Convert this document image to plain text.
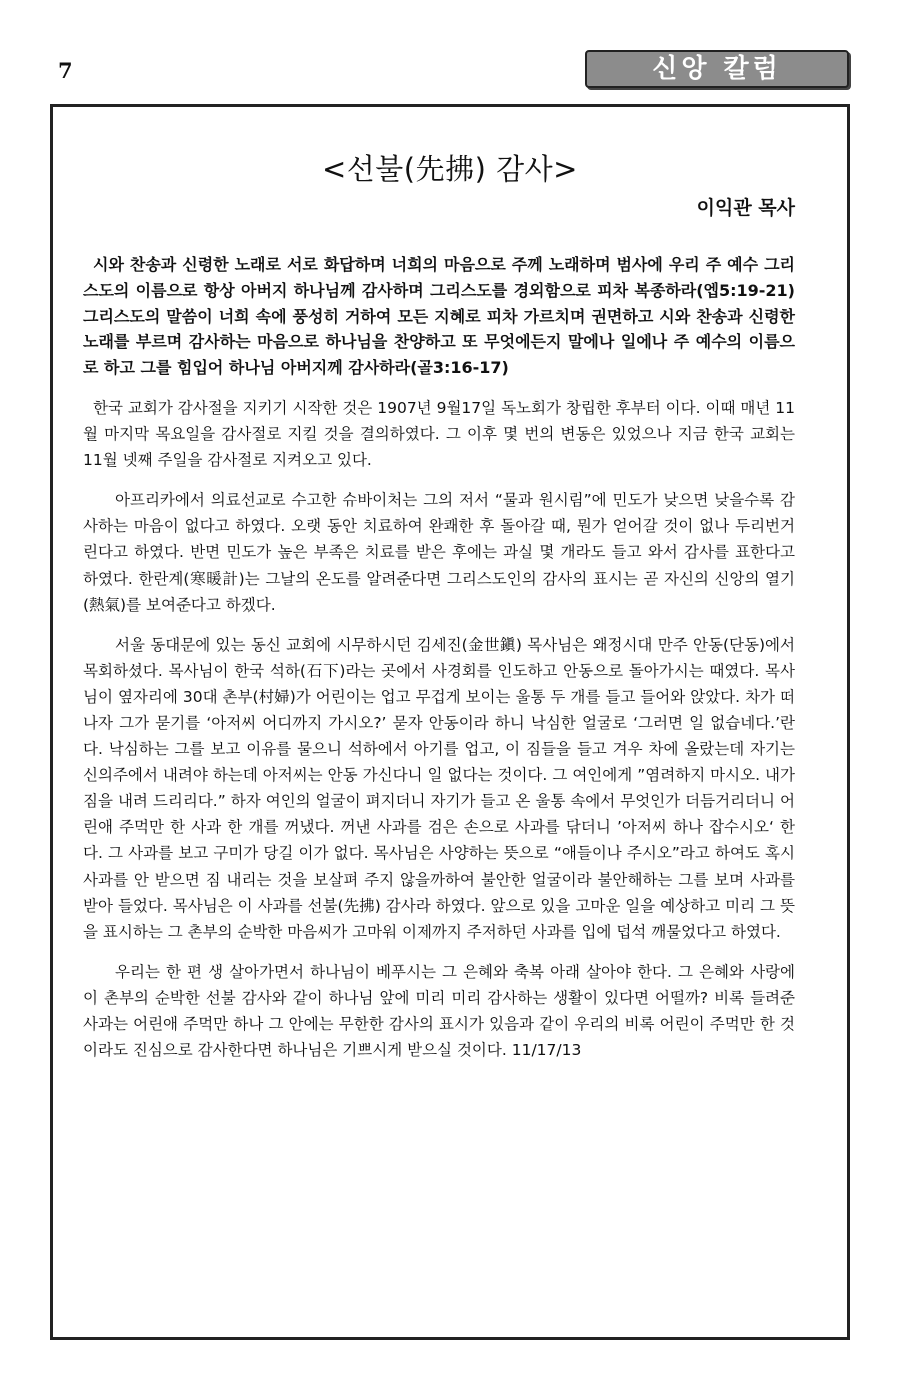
7	신앙 칼럼
<선불(先拂) 감사>
이익관 목사

시와 찬송과 신령한 노래로 서로 화답하며 너희의 마음으로 주께 노래하며 범사에 우리 주 예수 그리스도의 이름으로 항상 아버지 하나님께 감사하며 그리스도를 경외함으로 피차 복종하라(엡5:19-21)그리스도의 말씀이 너희 속에 풍성히 거하여 모든 지혜로 피차 가르치며 권면하고 시와 찬송과 신령한 노래를 부르며 감사하는 마음으로 하나님을 찬양하고 또 무엇에든지 말에나 일에나 주 예수의 이름으로 하고 그를 힘입어 하나님 아버지께 감사하라(골3:16-17)

한국 교회가 감사절을 지키기 시작한 것은 1907년 9월17일 독노회가 창립한 후부터 이다. 이때 매년 11월 마지막 목요일을 감사절로 지킬 것을 결의하였다. 그 이후 몇 번의 변동은 있었으나 지금 한국 교회는 11월 넷째 주일을 감사절로 지켜오고 있다.

아프리카에서 의료선교로 수고한 슈바이처는 그의 저서 “물과 원시림”에 민도가 낮으면 낮을수록 감사하는 마음이 없다고 하였다. 오랫 동안 치료하여 완쾌한 후 돌아갈 때, 뭔가 얻어갈 것이 없나 두리번거린다고 하였다. 반면 민도가 높은 부족은 치료를 받은 후에는 과실 몇 개라도 들고 와서 감사를 표한다고 하였다. 한란계(寒暖計)는 그날의 온도를 알려준다면 그리스도인의 감사의 표시는 곧 자신의 신앙의 열기(熱氣)를 보여준다고 하겠다.

서울 동대문에 있는 동신 교회에 시무하시던 김세진(金世鎭) 목사님은 왜정시대 만주 안동(단동)에서 목회하셨다. 목사님이 한국 석하(石下)라는 곳에서 사경회를 인도하고 안동으로 돌아가시는 때였다. 목사님이 옆자리에 30대 촌부(村婦)가 어린이는 업고 무겁게 보이는 울통 두 개를 들고 들어와 앉았다. 차가 떠나자 그가 묻기를 ‘아저씨 어디까지 가시오?’ 묻자 안동이라 하니 낙심한 얼굴로 ‘그러면 일 없습네다.’란다. 낙심하는 그를 보고 이유를 물으니 석하에서 아기를 업고, 이 짐들을 들고 겨우 차에 올랐는데 자기는 신의주에서 내려야 하는데 아저씨는 안동 가신다니 일 없다는 것이다. 그 여인에게 ”염려하지 마시오. 내가 짐을 내려 드리리다.” 하자 여인의 얼굴이 펴지더니 자기가 들고 온 울통 속에서 무엇인가 더듬거리더니 어린애 주먹만 한 사과 한 개를 꺼냈다. 꺼낸 사과를 검은 손으로 사과를 닦더니 ’아저씨 하나 잡수시오‘ 한다. 그 사과를 보고 구미가 당길 이가 없다. 목사님은 사양하는 뜻으로 “애들이나 주시오”라고 하여도 혹시 사과를 안 받으면 짐 내리는 것을 보살펴 주지 않을까하여 불안한 얼굴이라 불안해하는 그를 보며 사과를 받아 들었다. 목사님은 이 사과를 선불(先拂) 감사라 하였다. 앞으로 있을 고마운 일을 예상하고 미리 그 뜻을 표시하는 그 촌부의 순박한 마음씨가 고마워 이제까지 주저하던 사과를 입에 덥석 깨물었다고 하였다.

우리는 한 편 생 살아가면서 하나님이 베푸시는 그 은혜와 축복 아래 살아야 한다. 그 은혜와 사랑에 이 촌부의 순박한 선불 감사와 같이 하나님 앞에 미리 미리 감사하는 생활이 있다면 어떨까? 비록 들려준 사과는 어린애 주먹만 하나 그 안에는 무한한 감사의 표시가 있음과 같이 우리의 비록 어린이 주먹만 한 것이라도 진심으로 감사한다면 하나님은 기쁘시게 받으실 것이다. 11/17/13
